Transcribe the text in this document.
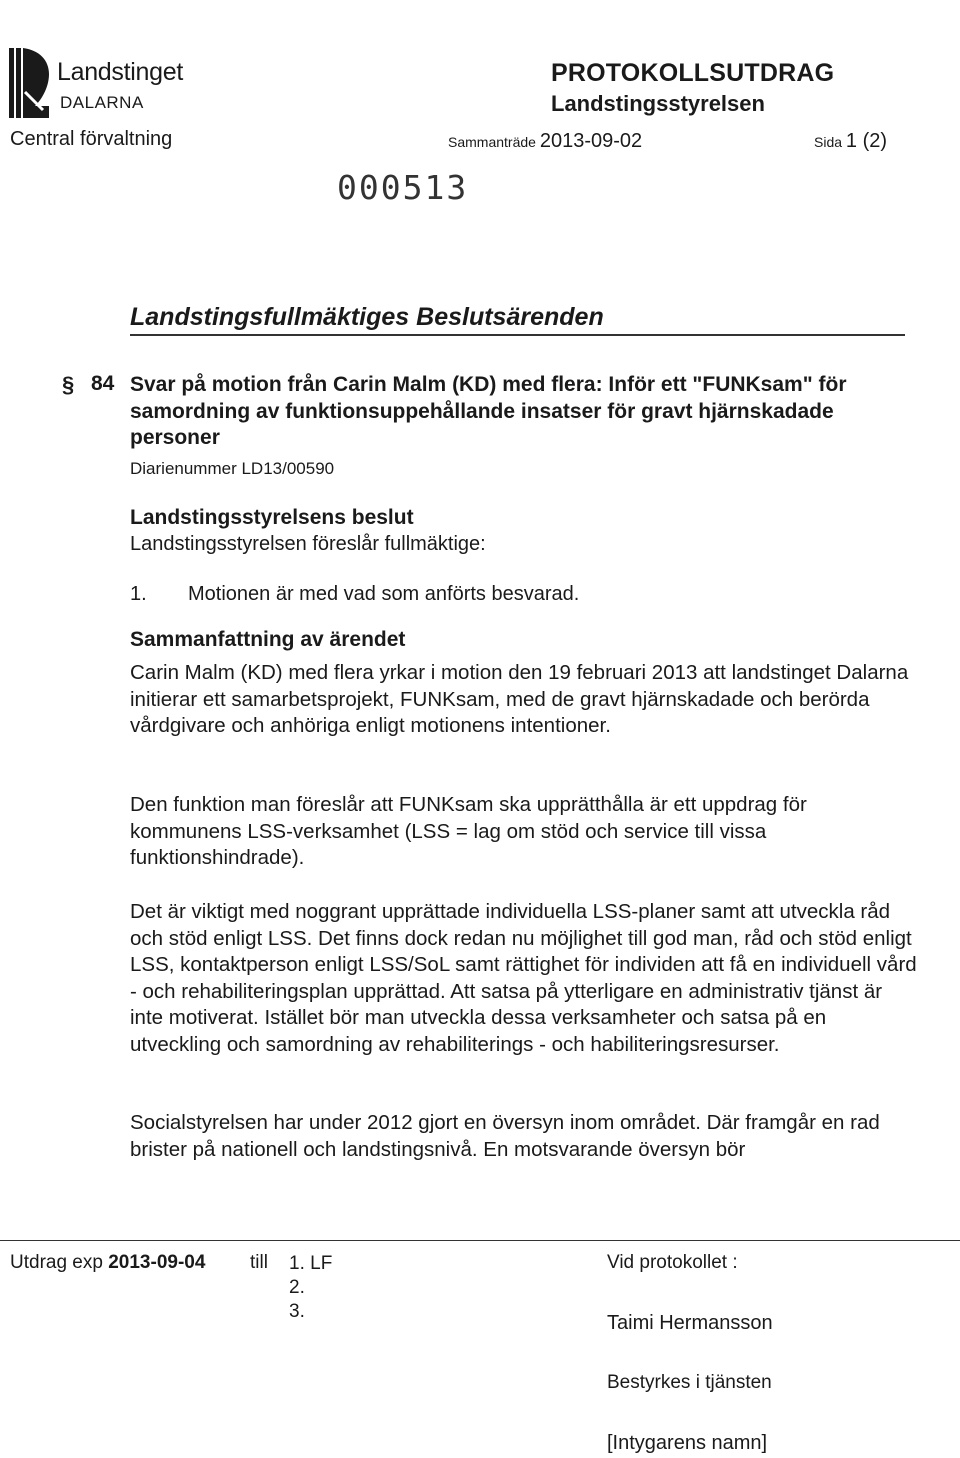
Landstinget
DALARNA
Central förvaltning
PROTOKOLLSUTDRAG
Landstingsstyrelsen
Sammanträde 2013-09-02	Sida 1 (2)
000513
Landstingsfullmäktiges Beslutsärenden
§ 84 Svar på motion från Carin Malm (KD) med flera: Inför ett "FUNKsam" för samordning av funktionsuppehållande insatser för gravt hjärnskadade personer
Diarienummer LD13/00590
Landstingsstyrelsens beslut
Landstingsstyrelsen föreslår fullmäktige:
1. Motionen är med vad som anförts besvarad.
Sammanfattning av ärendet
Carin Malm (KD) med flera yrkar i motion den 19 februari 2013 att landstinget Dalarna initierar ett samarbetsprojekt, FUNKsam, med de gravt hjärnskadade och berörda vårdgivare och anhöriga enligt motionens intentioner.
Den funktion man föreslår att FUNKsam ska upprätthålla är ett uppdrag för kommunens LSS-verksamhet (LSS = lag om stöd och service till vissa funktionshindrade).
Det är viktigt med noggrant upprättade individuella LSS-planer samt att utveckla råd och stöd enligt LSS. Det finns dock redan nu möjlighet till god man, råd och stöd enligt LSS, kontaktperson enligt LSS/SoL samt rättighet för individen att få en individuell vård - och rehabiliteringsplan upprättad. Att satsa på ytterligare en administrativ tjänst är inte motiverat. Istället bör man utveckla dessa verksamheter och satsa på en utveckling och samordning av rehabiliterings - och habiliteringsresurser.
Socialstyrelsen har under 2012 gjort en översyn inom området. Där framgår en rad brister på nationell och landstingsnivå. En motsvarande översyn bör
Utdrag exp 2013-09-04 till 1. LF
2.
3.
Vid protokollet :
Taimi Hermansson
Bestyrkes i tjänsten
[Intygarens namn]
